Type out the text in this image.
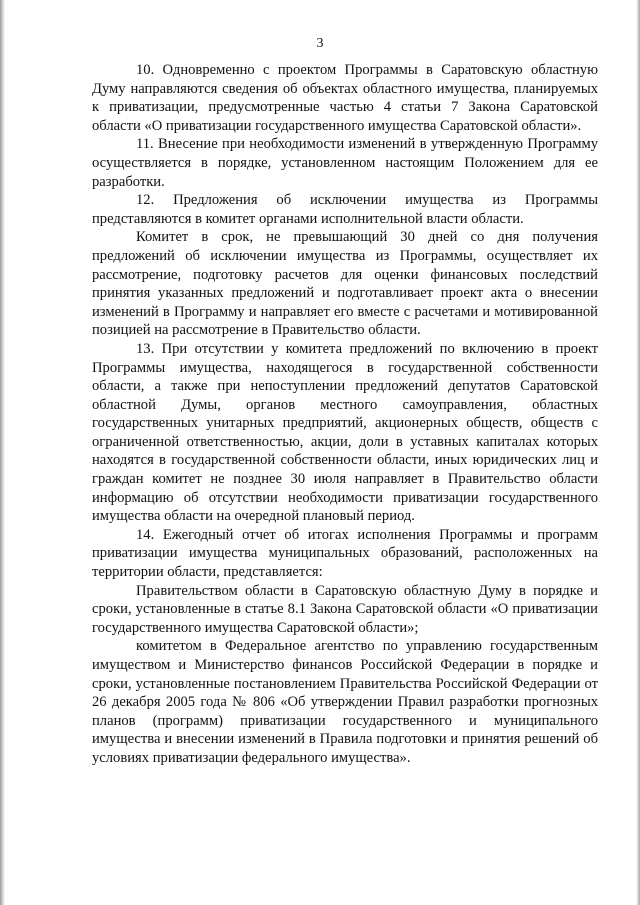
3

10. Одновременно с проектом Программы в Саратовскую областную Думу направляются сведения об объектах областного имущества, планируемых к приватизации, предусмотренные частью 4 статьи 7 Закона Саратовской области «О приватизации государственного имущества Саратовской области».

11. Внесение при необходимости изменений в утвержденную Программу осуществляется в порядке, установленном настоящим Положением для ее разработки.

12. Предложения об исключении имущества из Программы представляются в комитет органами исполнительной власти области.

Комитет в срок, не превышающий 30 дней со дня получения предложений об исключении имущества из Программы, осуществляет их рассмотрение, подготовку расчетов для оценки финансовых последствий принятия указанных предложений и подготавливает проект акта о внесении изменений в Программу и направляет его вместе с расчетами и мотивированной позицией на рассмотрение в Правительство области.

13. При отсутствии у комитета предложений по включению в проект Программы имущества, находящегося в государственной собственности области, а также при непоступлении предложений депутатов Саратовской областной Думы, органов местного самоуправления, областных государственных унитарных предприятий, акционерных обществ, обществ с ограниченной ответственностью, акции, доли в уставных капиталах которых находятся в государственной собственности области, иных юридических лиц и граждан комитет не позднее 30 июля направляет в Правительство области информацию об отсутствии необходимости приватизации государственного имущества области на очередной плановый период.

14. Ежегодный отчет об итогах исполнения Программы и программ приватизации имущества муниципальных образований, расположенных на территории области, представляется:

Правительством области в Саратовскую областную Думу в порядке и сроки, установленные в статье 8.1 Закона Саратовской области «О приватизации государственного имущества Саратовской области»;

комитетом в Федеральное агентство по управлению государственным имуществом и Министерство финансов Российской Федерации в порядке и сроки, установленные постановлением Правительства Российской Федерации от 26 декабря 2005 года № 806 «Об утверждении Правил разработки прогнозных планов (программ) приватизации государственного и муниципального имущества и внесении изменений в Правила подготовки и принятия решений об условиях приватизации федерального имущества».
